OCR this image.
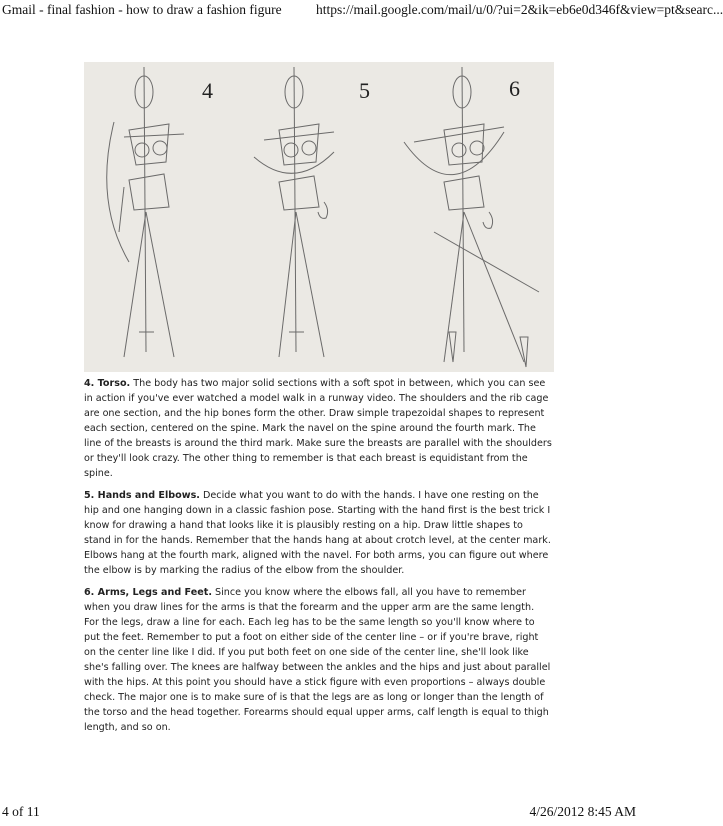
Gmail - final fashion - how to draw a fashion figure	https://mail.google.com/mail/u/0/?ui=2&ik=eb6e0d346f&view=pt&searc...
4	5	6

4. Torso. The body has two major solid sections with a soft spot in between, which you can see in action if you've ever watched a model walk in a runway video. The shoulders and the rib cage are one section, and the hip bones form the other. Draw simple trapezoidal shapes to represent each section, centered on the spine. Mark the navel on the spine around the fourth mark. The line of the breasts is around the third mark. Make sure the breasts are parallel with the shoulders or they'll look crazy. The other thing to remember is that each breast is equidistant from the spine.

5. Hands and Elbows. Decide what you want to do with the hands. I have one resting on the hip and one hanging down in a classic fashion pose. Starting with the hand first is the best trick I know for drawing a hand that looks like it is plausibly resting on a hip. Draw little shapes to stand in for the hands. Remember that the hands hang at about crotch level, at the center mark. Elbows hang at the fourth mark, aligned with the navel. For both arms, you can figure out where the elbow is by marking the radius of the elbow from the shoulder.

6. Arms, Legs and Feet. Since you know where the elbows fall, all you have to remember when you draw lines for the arms is that the forearm and the upper arm are the same length. For the legs, draw a line for each. Each leg has to be the same length so you'll know where to put the feet. Remember to put a foot on either side of the center line – or if you're brave, right on the center line like I did. If you put both feet on one side of the center line, she'll look like she's falling over. The knees are halfway between the ankles and the hips and just about parallel with the hips. At this point you should have a stick figure with even proportions – always double check. The major one is to make sure of is that the legs are as long or longer than the length of the torso and the head together. Forearms should equal upper arms, calf length is equal to thigh length, and so on.

4 of 11	4/26/2012 8:45 AM
